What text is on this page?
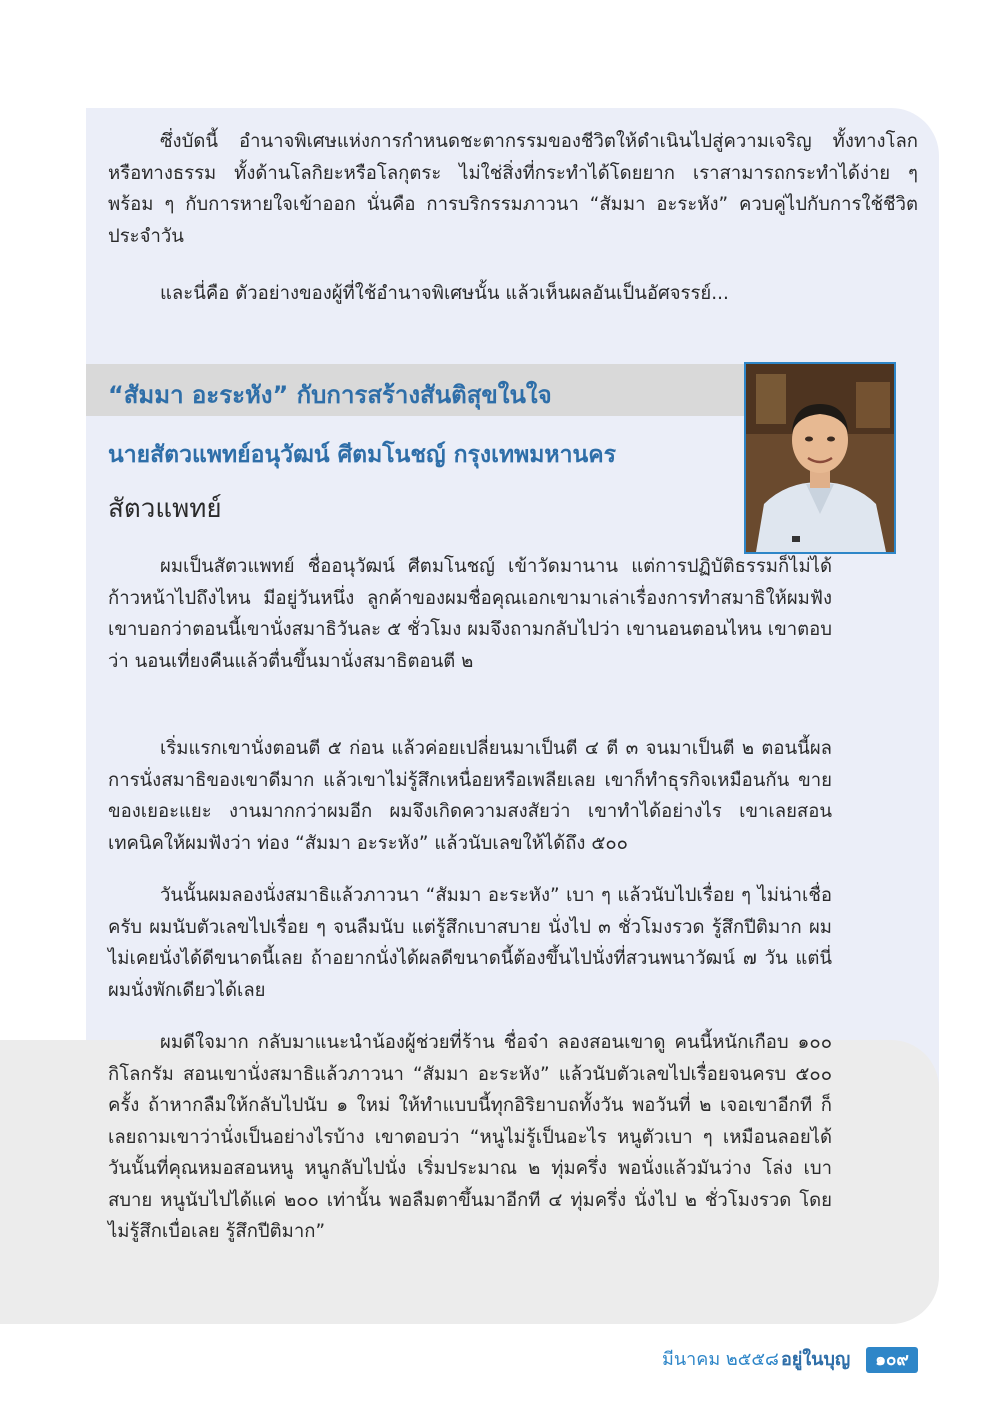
ซึ่งบัดนี้ อำนาจพิเศษแห่งการกำหนดชะตากรรมของชีวิตให้ดำเนินไปสู่ความเจริญ ทั้งทางโลกหรือทางธรรม ทั้งด้านโลกิยะหรือโลกุตระ ไม่ใช่สิ่งที่กระทำได้โดยยาก เราสามารถกระทำได้ง่าย ๆ พร้อม ๆ กับการหายใจเข้าออก นั่นคือ การบริกรรมภาวนา “สัมมา อะระหัง” ควบคู่ไปกับการใช้ชีวิตประจำวัน

และนี่คือ ตัวอย่างของผู้ที่ใช้อำนาจพิเศษนั้น แล้วเห็นผลอันเป็นอัศจรรย์...

“สัมมา อะระหัง” กับการสร้างสันติสุขในใจ
นายสัตวแพทย์อนุวัฒน์ ศีตมโนชญ์ กรุงเทพมหานคร
สัตวแพทย์

ผมเป็นสัตวแพทย์ ชื่ออนุวัฒน์ ศีตมโนชญ์ เข้าวัดมานาน แต่การปฏิบัติธรรมก็ไม่ได้ก้าวหน้าไปถึงไหน มีอยู่วันหนึ่ง ลูกค้าของผมชื่อคุณเอกเขามาเล่าเรื่องการทำสมาธิให้ผมฟัง เขาบอกว่าตอนนี้เขานั่งสมาธิวันละ ๕ ชั่วโมง ผมจึงถามกลับไปว่า เขานอนตอนไหน เขาตอบว่า นอนเที่ยงคืนแล้วตื่นขึ้นมานั่งสมาธิตอนตี ๒

เริ่มแรกเขานั่งตอนตี ๕ ก่อน แล้วค่อยเปลี่ยนมาเป็นตี ๔ ตี ๓ จนมาเป็นตี ๒ ตอนนี้ผลการนั่งสมาธิของเขาดีมาก แล้วเขาไม่รู้สึกเหนื่อยหรือเพลียเลย เขาก็ทำธุรกิจเหมือนกัน ขายของเยอะแยะ งานมากกว่าผมอีก ผมจึงเกิดความสงสัยว่า เขาทำได้อย่างไร เขาเลยสอนเทคนิคให้ผมฟังว่า ท่อง “สัมมา อะระหัง” แล้วนับเลขให้ได้ถึง ๕๐๐

วันนั้นผมลองนั่งสมาธิแล้วภาวนา “สัมมา อะระหัง” เบา ๆ แล้วนับไปเรื่อย ๆ ไม่น่าเชื่อครับ ผมนับตัวเลขไปเรื่อย ๆ จนลืมนับ แต่รู้สึกเบาสบาย นั่งไป ๓ ชั่วโมงรวด รู้สึกปีติมาก ผมไม่เคยนั่งได้ดีขนาดนี้เลย ถ้าอยากนั่งได้ผลดีขนาดนี้ต้องขึ้นไปนั่งที่สวนพนาวัฒน์ ๗ วัน แต่นี่ผมนั่งพักเดียวได้เลย

ผมดีใจมาก กลับมาแนะนำน้องผู้ช่วยที่ร้าน ชื่อจ๋า ลองสอนเขาดู คนนี้หนักเกือบ ๑๐๐ กิโลกรัม สอนเขานั่งสมาธิแล้วภาวนา “สัมมา อะระหัง” แล้วนับตัวเลขไปเรื่อยจนครบ ๕๐๐ ครั้ง ถ้าหากลืมให้กลับไปนับ ๑ ใหม่ ให้ทำแบบนี้ทุกอิริยาบถทั้งวัน พอวันที่ ๒ เจอเขาอีกที ก็เลยถามเขาว่านั่งเป็นอย่างไรบ้าง เขาตอบว่า “หนูไม่รู้เป็นอะไร หนูตัวเบา ๆ เหมือนลอยได้ วันนั้นที่คุณหมอสอนหนู หนูกลับไปนั่ง เริ่มประมาณ ๒ ทุ่มครึ่ง พอนั่งแล้วมันว่าง โล่ง เบา สบาย หนูนับไปได้แค่ ๒๐๐ เท่านั้น พอลืมตาขึ้นมาอีกที ๔ ทุ่มครึ่ง นั่งไป ๒ ชั่วโมงรวด โดยไม่รู้สึกเบื่อเลย รู้สึกปีติมาก”

มีนาคม ๒๕๕๘ อยู่ในบุญ	๑๐๙
